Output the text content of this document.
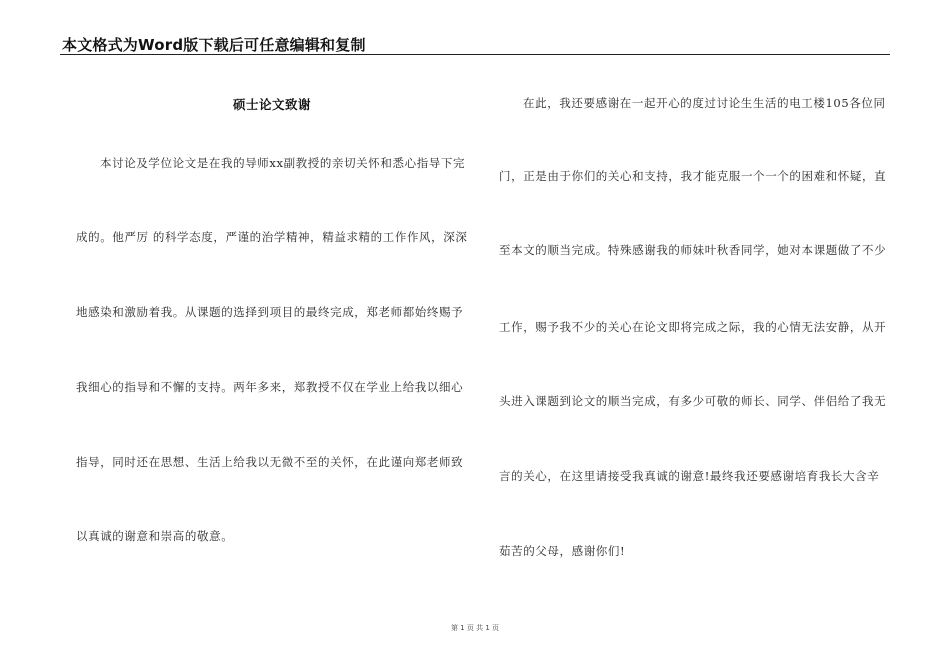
本文格式为Word版下载后可任意编辑和复制
硕士论文致谢
本讨论及学位论文是在我的导师xx副教授的亲切关怀和悉心指导下完
成的。他严厉 的科学态度，严谨的治学精神，精益求精的工作作风，深深
地感染和激励着我。从课题的选择到项目的最终完成，郑老师都始终赐予
我细心的指导和不懈的支持。两年多来，郑教授不仅在学业上给我以细心
指导，同时还在思想、生活上给我以无微不至的关怀，在此谨向郑老师致
以真诚的谢意和崇高的敬意。
在此，我还要感谢在一起开心的度过讨论生生活的电工楼105各位同
门，正是由于你们的关心和支持，我才能克服一个一个的困难和怀疑，直
至本文的顺当完成。特殊感谢我的师妹叶秋香同学，她对本课题做了不少
工作，赐予我不少的关心在论文即将完成之际，我的心情无法安静，从开
头进入课题到论文的顺当完成，有多少可敬的师长、同学、伴侣给了我无
言的关心，在这里请接受我真诚的谢意!最终我还要感谢培育我长大含辛
茹苦的父母，感谢你们!
第 1 页 共 1 页
